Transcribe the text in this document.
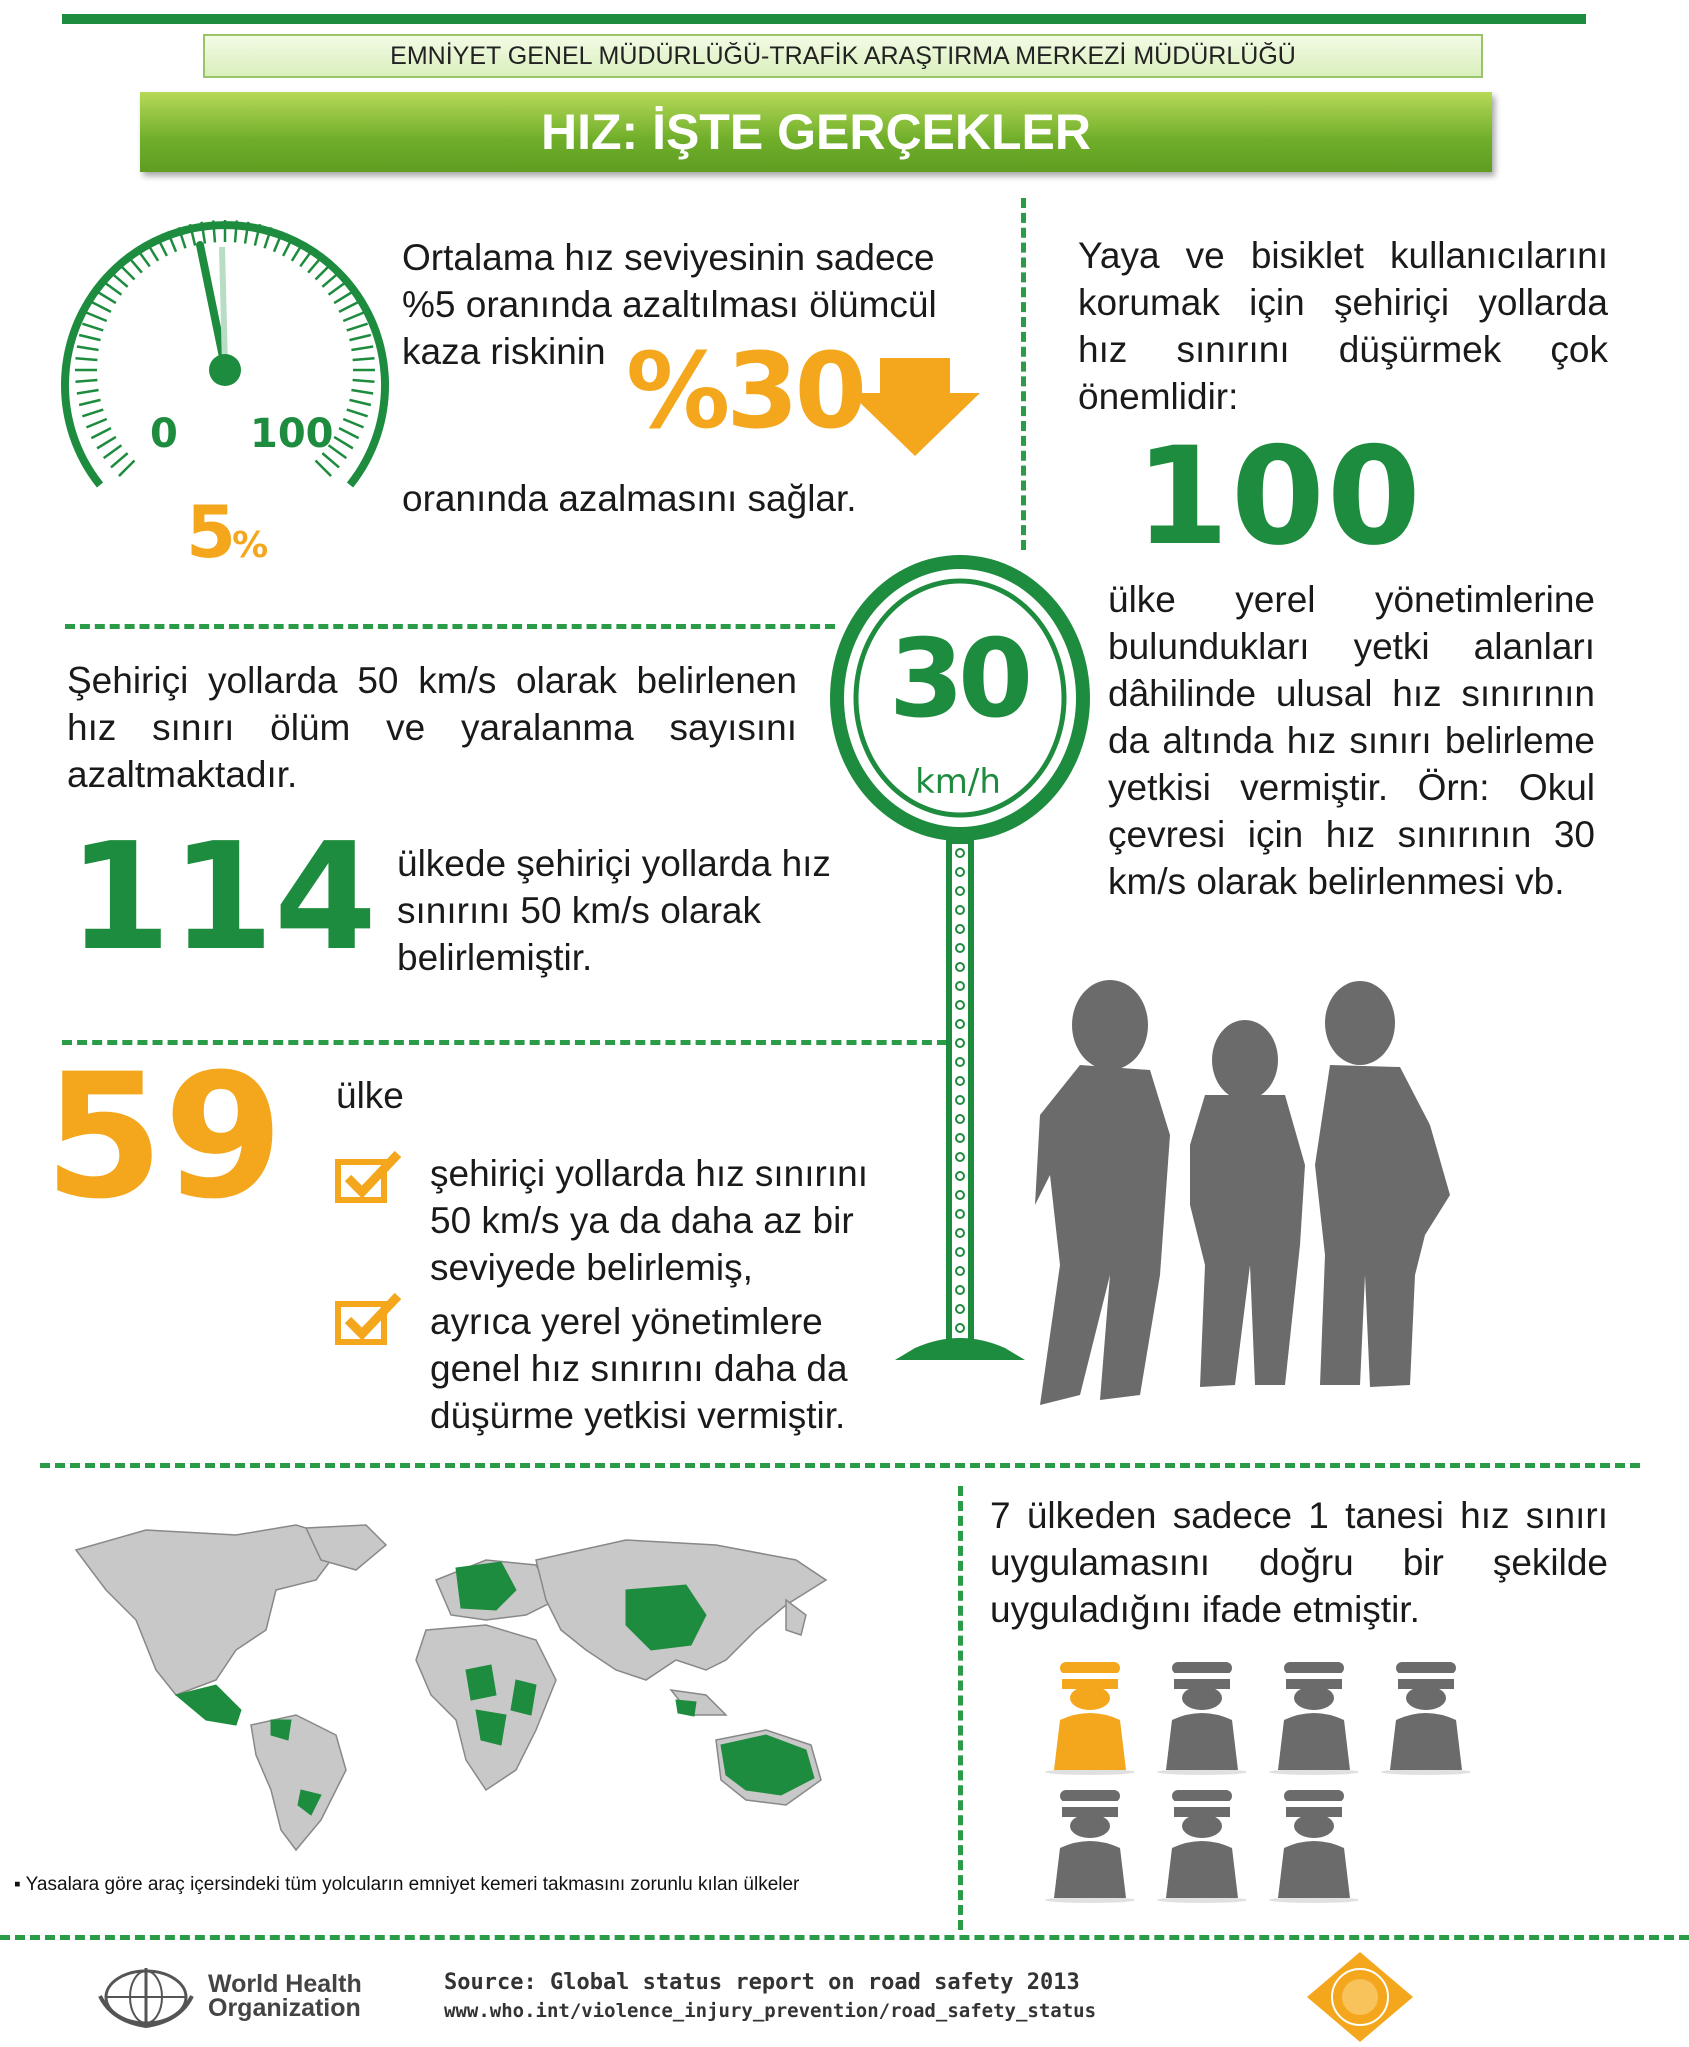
EMNİYET GENEL MÜDÜRLÜĞÜ-TRAFİK ARAŞTIRMA MERKEZİ MÜDÜRLÜĞÜ
HIZ: İŞTE GERÇEKLER
0 100
5%
Ortalama hız seviyesinin sadece %5 oranında azaltılması ölümcül kaza riskinin %30
oranında azalmasını sağlar.
Yaya ve bisiklet kullanıcılarını korumak için şehiriçi yollarda hız sınırını düşürmek çok önemlidir:
100
ülke yerel yönetimlerine bulundukları yetki alanları dâhilinde ulusal hız sınırının da altında hız sınırı belirleme yetkisi vermiştir. Örn: Okul çevresi için hız sınırının 30 km/s olarak belirlenmesi vb.
30
km/h
Şehiriçi yollarda 50 km/s olarak belirlenen hız sınırı ölüm ve yaralanma sayısını azaltmaktadır.
114 ülkede şehiriçi yollarda hız sınırını 50 km/s olarak belirlemiştir.
59 ülke
şehiriçi yollarda hız sınırını 50 km/s ya da daha az bir seviyede belirlemiş,
ayrıca yerel yönetimlere genel hız sınırını daha da düşürme yetkisi vermiştir.
▪ Yasalara göre araç içersindeki tüm yolcuların emniyet kemeri takmasını zorunlu kılan ülkeler
7 ülkeden sadece 1 tanesi hız sınırı uygulamasını doğru bir şekilde uyguladığını ifade etmiştir.
World Health
Organization
Source: Global status report on road safety 2013
www.who.int/violence_injury_prevention/road_safety_status
